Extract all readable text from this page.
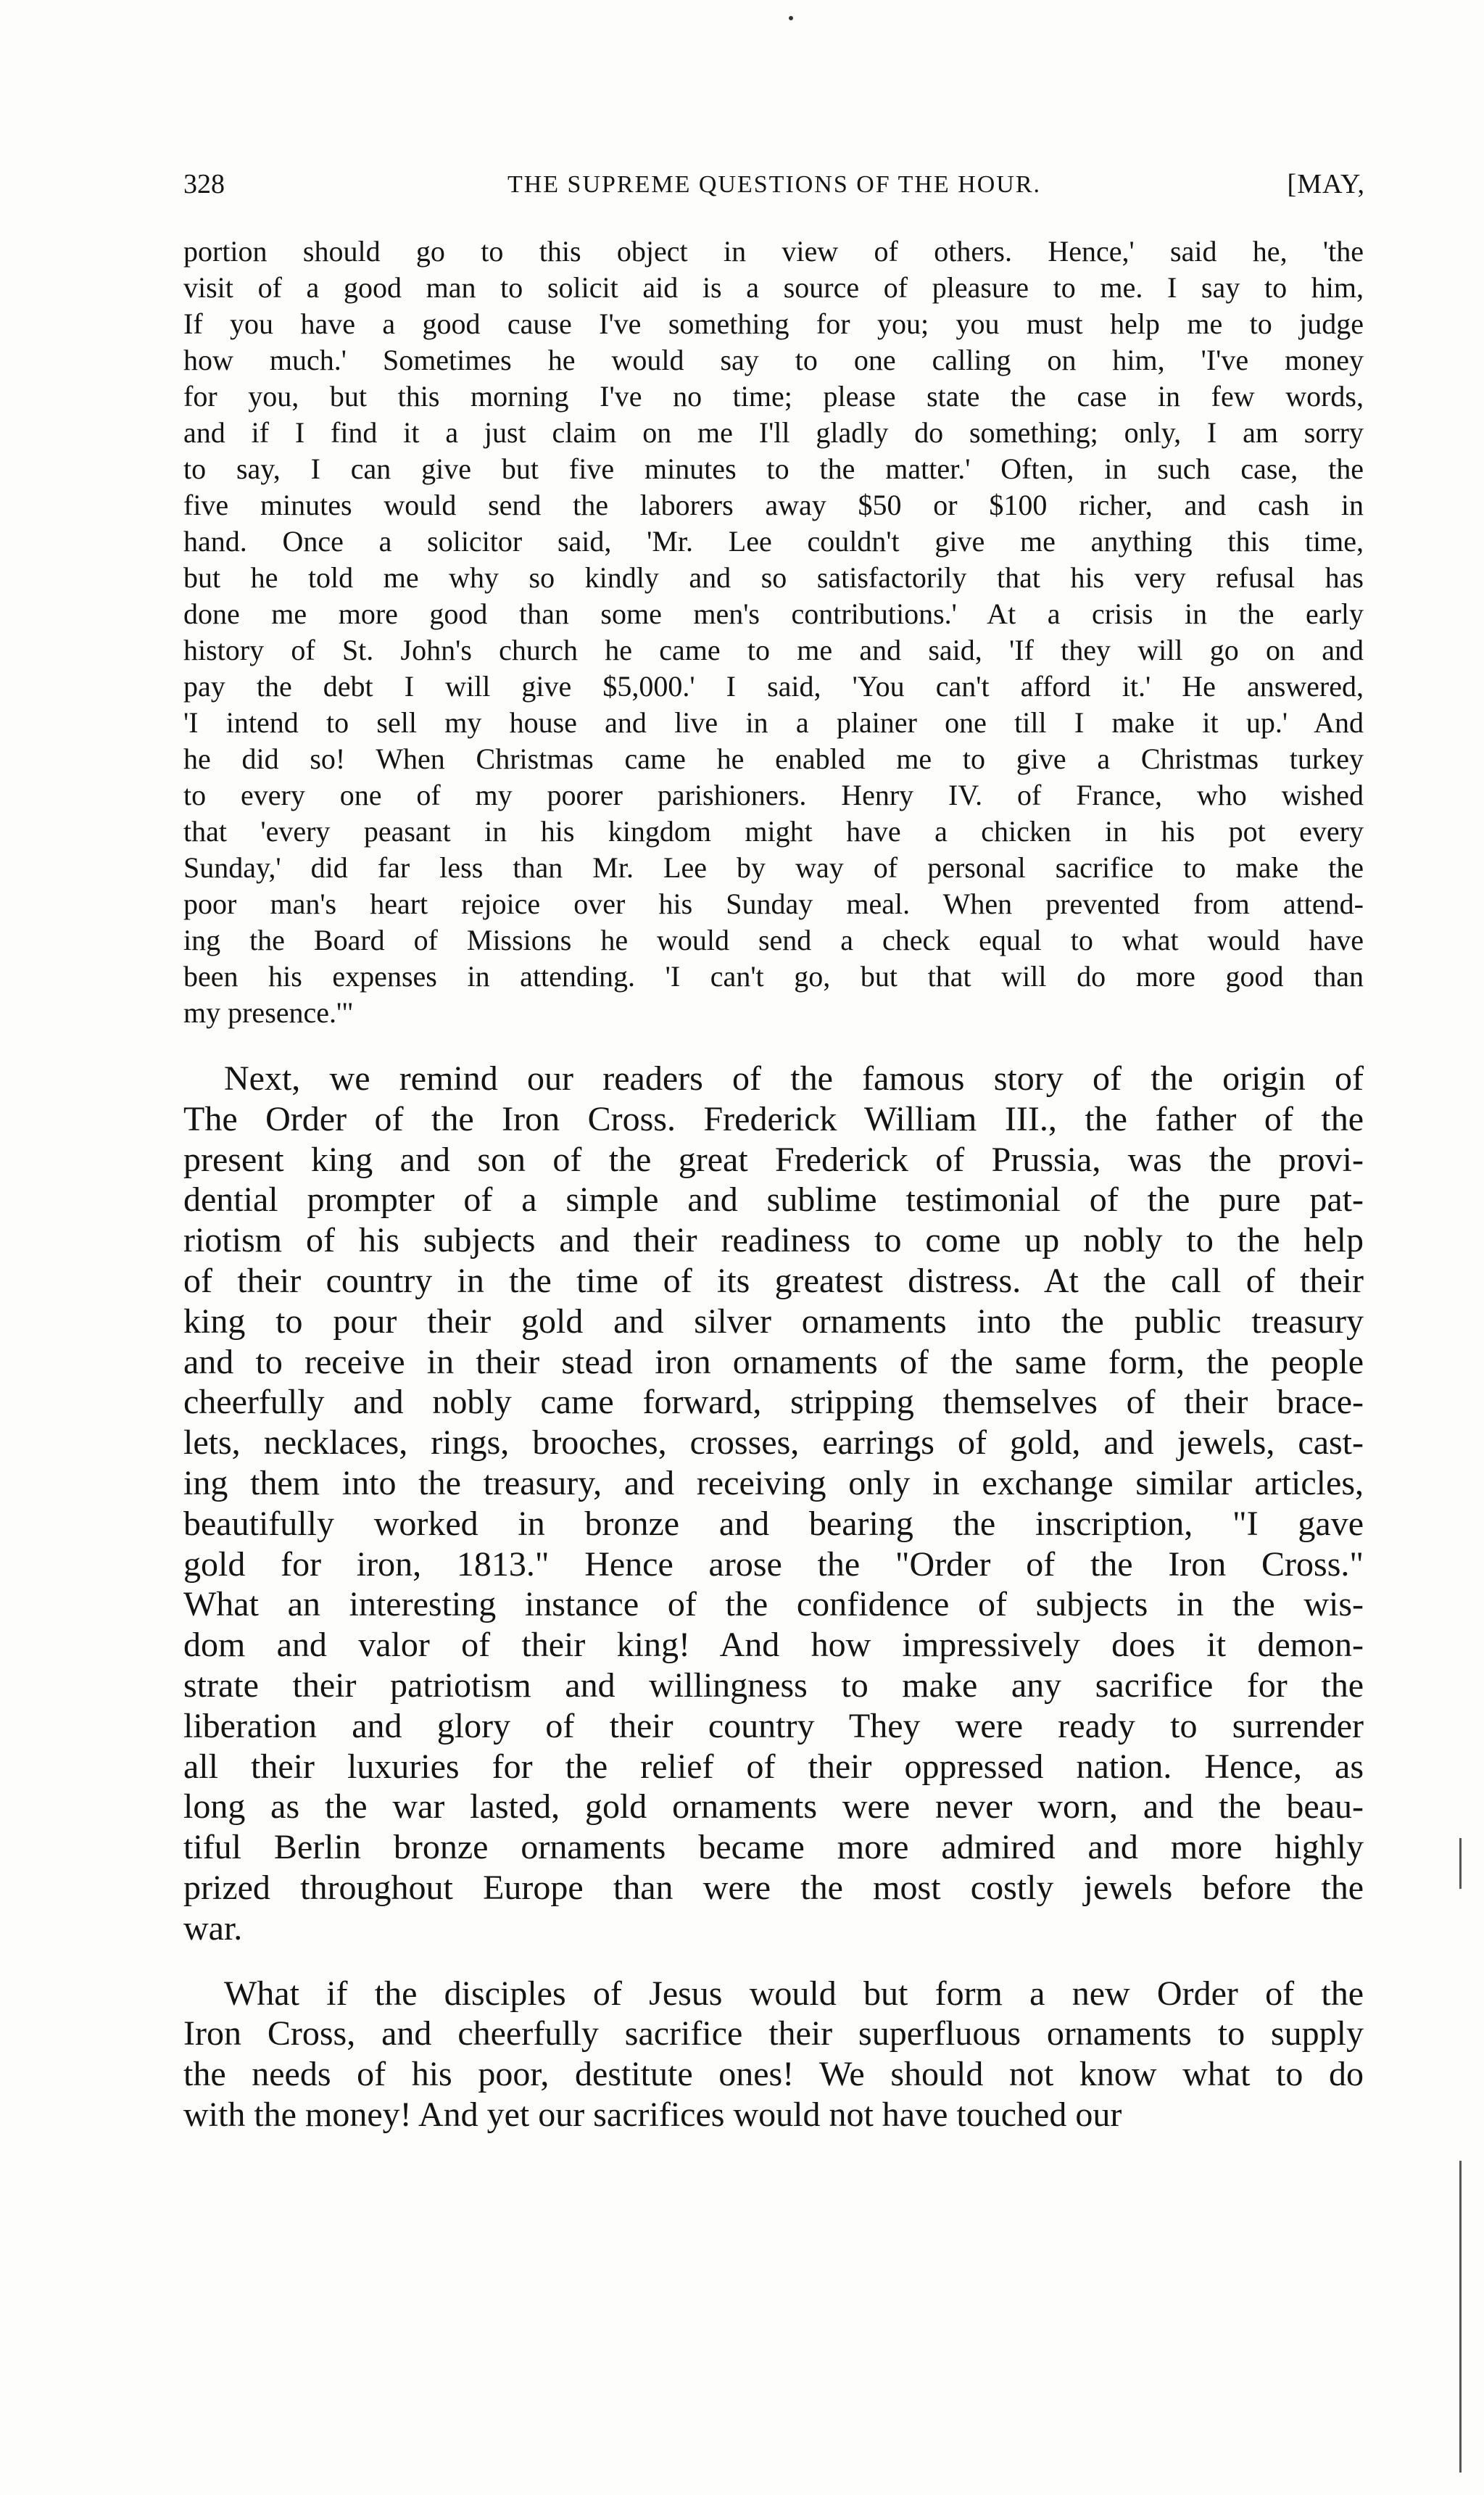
328	THE SUPREME QUESTIONS OF THE HOUR.	[MAY,
portion should go to this object in view of others. Hence,' said he, 'the
visit of a good man to solicit aid is a source of pleasure to me. I say to him,
If you have a good cause I've something for you; you must help me to judge
how much.' Sometimes he would say to one calling on him, 'I've money
for you, but this morning I've no time; please state the case in few words,
and if I find it a just claim on me I'll gladly do something; only, I am sorry
to say, I can give but five minutes to the matter.' Often, in such case, the
five minutes would send the laborers away $50 or $100 richer, and cash in
hand. Once a solicitor said, 'Mr. Lee couldn't give me anything this time,
but he told me why so kindly and so satisfactorily that his very refusal has
done me more good than some men's contributions.' At a crisis in the early
history of St. John's church he came to me and said, 'If they will go on and
pay the debt I will give $5,000.' I said, 'You can't afford it.' He answered,
'I intend to sell my house and live in a plainer one till I make it up.' And
he did so! When Christmas came he enabled me to give a Christmas turkey
to every one of my poorer parishioners. Henry IV. of France, who wished
that 'every peasant in his kingdom might have a chicken in his pot every
Sunday,' did far less than Mr. Lee by way of personal sacrifice to make the
poor man's heart rejoice over his Sunday meal. When prevented from attend-
ing the Board of Missions he would send a check equal to what would have
been his expenses in attending. 'I can't go, but that will do more good than
my presence.'"
Next, we remind our readers of the famous story of the origin of
The Order of the Iron Cross. Frederick William III., the father of the
present king and son of the great Frederick of Prussia, was the provi-
dential prompter of a simple and sublime testimonial of the pure pat-
riotism of his subjects and their readiness to come up nobly to the help
of their country in the time of its greatest distress. At the call of their
king to pour their gold and silver ornaments into the public treasury
and to receive in their stead iron ornaments of the same form, the people
cheerfully and nobly came forward, stripping themselves of their brace-
lets, necklaces, rings, brooches, crosses, earrings of gold, and jewels, cast-
ing them into the treasury, and receiving only in exchange similar articles,
beautifully worked in bronze and bearing the inscription, "I gave
gold for iron, 1813." Hence arose the "Order of the Iron Cross."
What an interesting instance of the confidence of subjects in the wis-
dom and valor of their king! And how impressively does it demon-
strate their patriotism and willingness to make any sacrifice for the
liberation and glory of their country They were ready to surrender
all their luxuries for the relief of their oppressed nation. Hence, as
long as the war lasted, gold ornaments were never worn, and the beau-
tiful Berlin bronze ornaments became more admired and more highly
prized throughout Europe than were the most costly jewels before the
war.
What if the disciples of Jesus would but form a new Order of the
Iron Cross, and cheerfully sacrifice their superfluous ornaments to supply
the needs of his poor, destitute ones! We should not know what to do
with the money! And yet our sacrifices would not have touched our
